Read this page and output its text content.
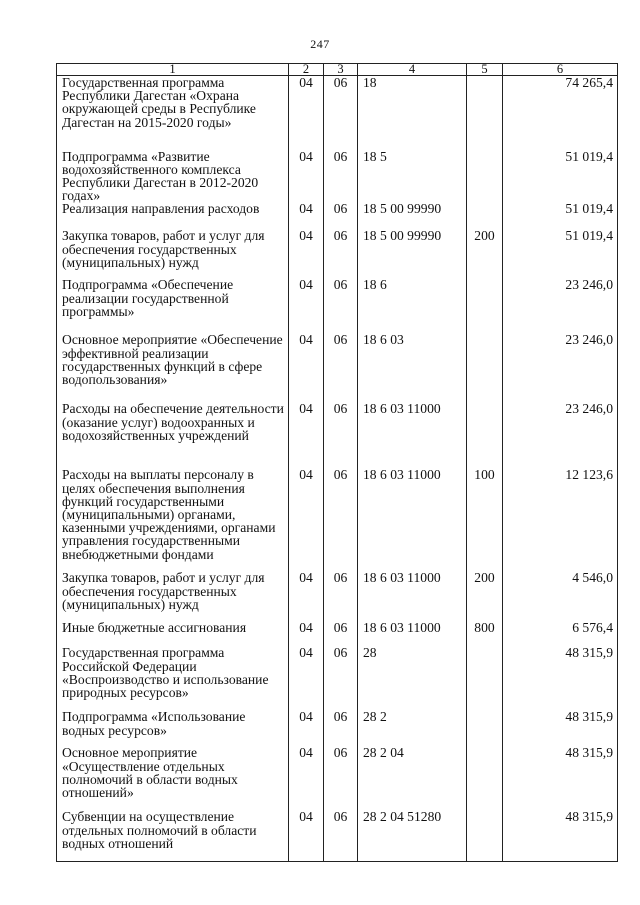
247
1	2	3	4	5	6
Государственная программа Республики Дагестан «Охрана окружающей среды в Республике Дагестан на 2015-2020 годы»	04	06	18		74 265,4
Подпрограмма «Развитие водохозяйственного комплекса Республики Дагестан в 2012-2020 годах»	04	06	18 5		51 019,4
Реализация направления расходов	04	06	18 5 00 99990		51 019,4
Закупка товаров, работ и услуг для обеспечения государственных (муниципальных) нужд	04	06	18 5 00 99990	200	51 019,4
Подпрограмма «Обеспечение реализации государственной программы»	04	06	18 6		23 246,0
Основное мероприятие «Обеспечение эффективной реализации государственных функций в сфере водопользования»	04	06	18 6 03		23 246,0
Расходы на обеспечение деятельности (оказание услуг) водоохранных и водохозяйственных учреждений	04	06	18 6 03 11000		23 246,0
Расходы на выплаты персоналу в целях обеспечения выполнения функций государственными (муниципальными) органами, казенными учреждениями, органами управления государственными внебюджетными фондами	04	06	18 6 03 11000	100	12 123,6
Закупка товаров, работ и услуг для обеспечения государственных (муниципальных) нужд	04	06	18 6 03 11000	200	4 546,0
Иные бюджетные ассигнования	04	06	18 6 03 11000	800	6 576,4
Государственная программа Российской Федерации «Воспроизводство и использование природных ресурсов»	04	06	28		48 315,9
Подпрограмма «Использование водных ресурсов»	04	06	28 2		48 315,9
Основное мероприятие «Осуществление отдельных полномочий в области водных отношений»	04	06	28 2 04		48 315,9
Субвенции на осуществление отдельных полномочий в области водных отношений	04	06	28 2 04 51280		48 315,9
